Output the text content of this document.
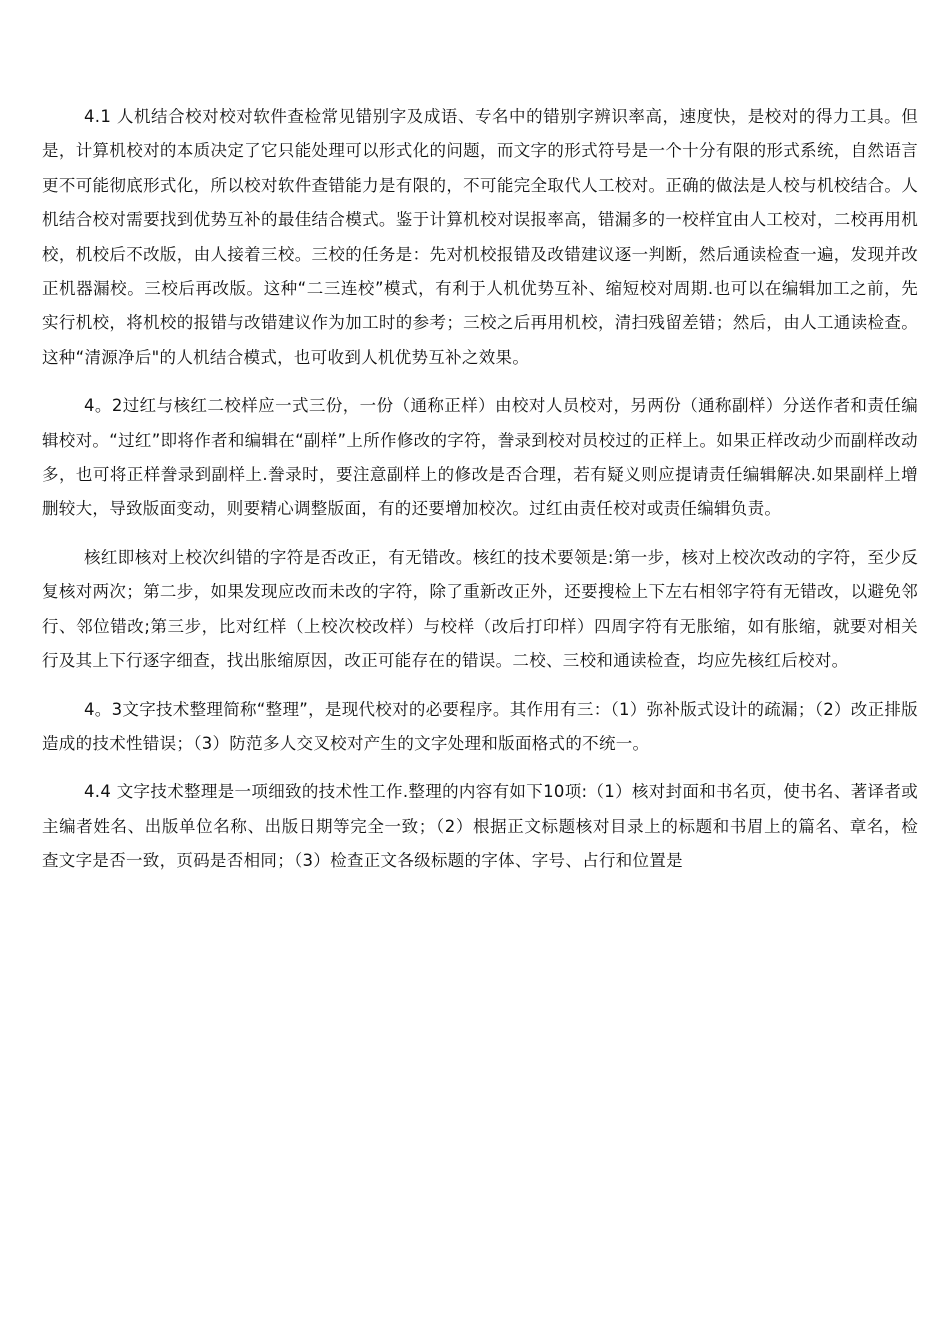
4.1 人机结合校对校对软件查检常见错别字及成语、专名中的错别字辨识率高，速度快，是校对的得力工具。但是，计算机校对的本质决定了它只能处理可以形式化的问题，而文字的形式符号是一个十分有限的形式系统，自然语言更不可能彻底形式化，所以校对软件查错能力是有限的，不可能完全取代人工校对。正确的做法是人校与机校结合。人机结合校对需要找到优势互补的最佳结合模式。鉴于计算机校对误报率高，错漏多的一校样宜由人工校对，二校再用机校，机校后不改版，由人接着三校。三校的任务是：先对机校报错及改错建议逐一判断，然后通读检查一遍，发现并改正机器漏校。三校后再改版。这种“二三连校”模式，有利于人机优势互补、缩短校对周期.也可以在编辑加工之前，先实行机校，将机校的报错与改错建议作为加工时的参考；三校之后再用机校，清扫残留差错；然后，由人工通读检查。这种“清源净后"的人机结合模式，也可收到人机优势互补之效果。

4。2过红与核红二校样应一式三份，一份（通称正样）由校对人员校对，另两份（通称副样）分送作者和责任编辑校对。“过红”即将作者和编辑在“副样”上所作修改的字符，誊录到校对员校过的正样上。如果正样改动少而副样改动多，也可将正样誊录到副样上.誊录时，要注意副样上的修改是否合理，若有疑义则应提请责任编辑解决.如果副样上增删较大，导致版面变动，则要精心调整版面，有的还要增加校次。过红由责任校对或责任编辑负责。

核红即核对上校次纠错的字符是否改正，有无错改。核红的技术要领是:第一步，核对上校次改动的字符，至少反复核对两次；第二步，如果发现应改而未改的字符，除了重新改正外，还要搜检上下左右相邻字符有无错改，以避免邻行、邻位错改;第三步，比对红样（上校次校改样）与校样（改后打印样）四周字符有无胀缩，如有胀缩，就要对相关行及其上下行逐字细查，找出胀缩原因，改正可能存在的错误。二校、三校和通读检查，均应先核红后校对。

4。3文字技术整理简称“整理”，是现代校对的必要程序。其作用有三：（1）弥补版式设计的疏漏；（2）改正排版造成的技术性错误；（3）防范多人交叉校对产生的文字处理和版面格式的不统一。

4.4 文字技术整理是一项细致的技术性工作.整理的内容有如下10项:（1）核对封面和书名页，使书名、著译者或主编者姓名、出版单位名称、出版日期等完全一致；（2）根据正文标题核对目录上的标题和书眉上的篇名、章名，检查文字是否一致，页码是否相同；（3）检查正文各级标题的字体、字号、占行和位置是
